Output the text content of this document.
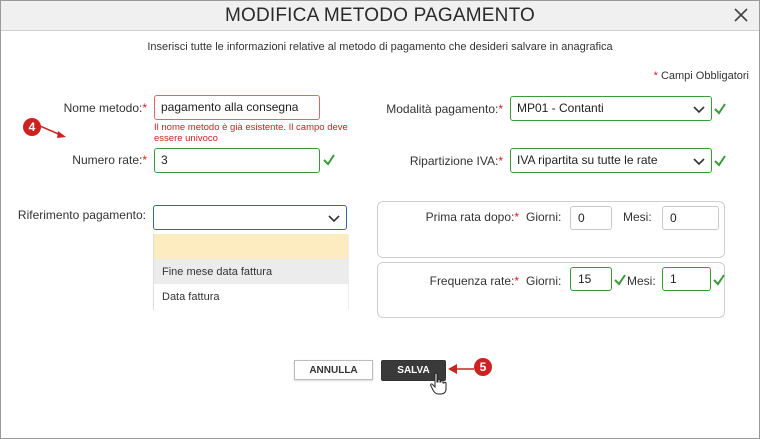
MODIFICA METODO PAGAMENTO
Inserisci tutte le informazioni relative al metodo di pagamento che desideri salvare in anagrafica
* Campi Obbligatori
Nome metodo:*	pagamento alla consegna
Il nome metodo è già esistente. Il campo deve essere univoco
Numero rate:*	3
Modalità pagamento:*	MP01 - Contanti
Ripartizione IVA:*	IVA ripartita su tutte le rate
Riferimento pagamento:
Fine mese data fattura
Data fattura
Prima rata dopo:* Giorni:	0	Mesi:	0
Frequenza rate:* Giorni:	15	Mesi:	1
ANNULLA	SALVA
4
5
